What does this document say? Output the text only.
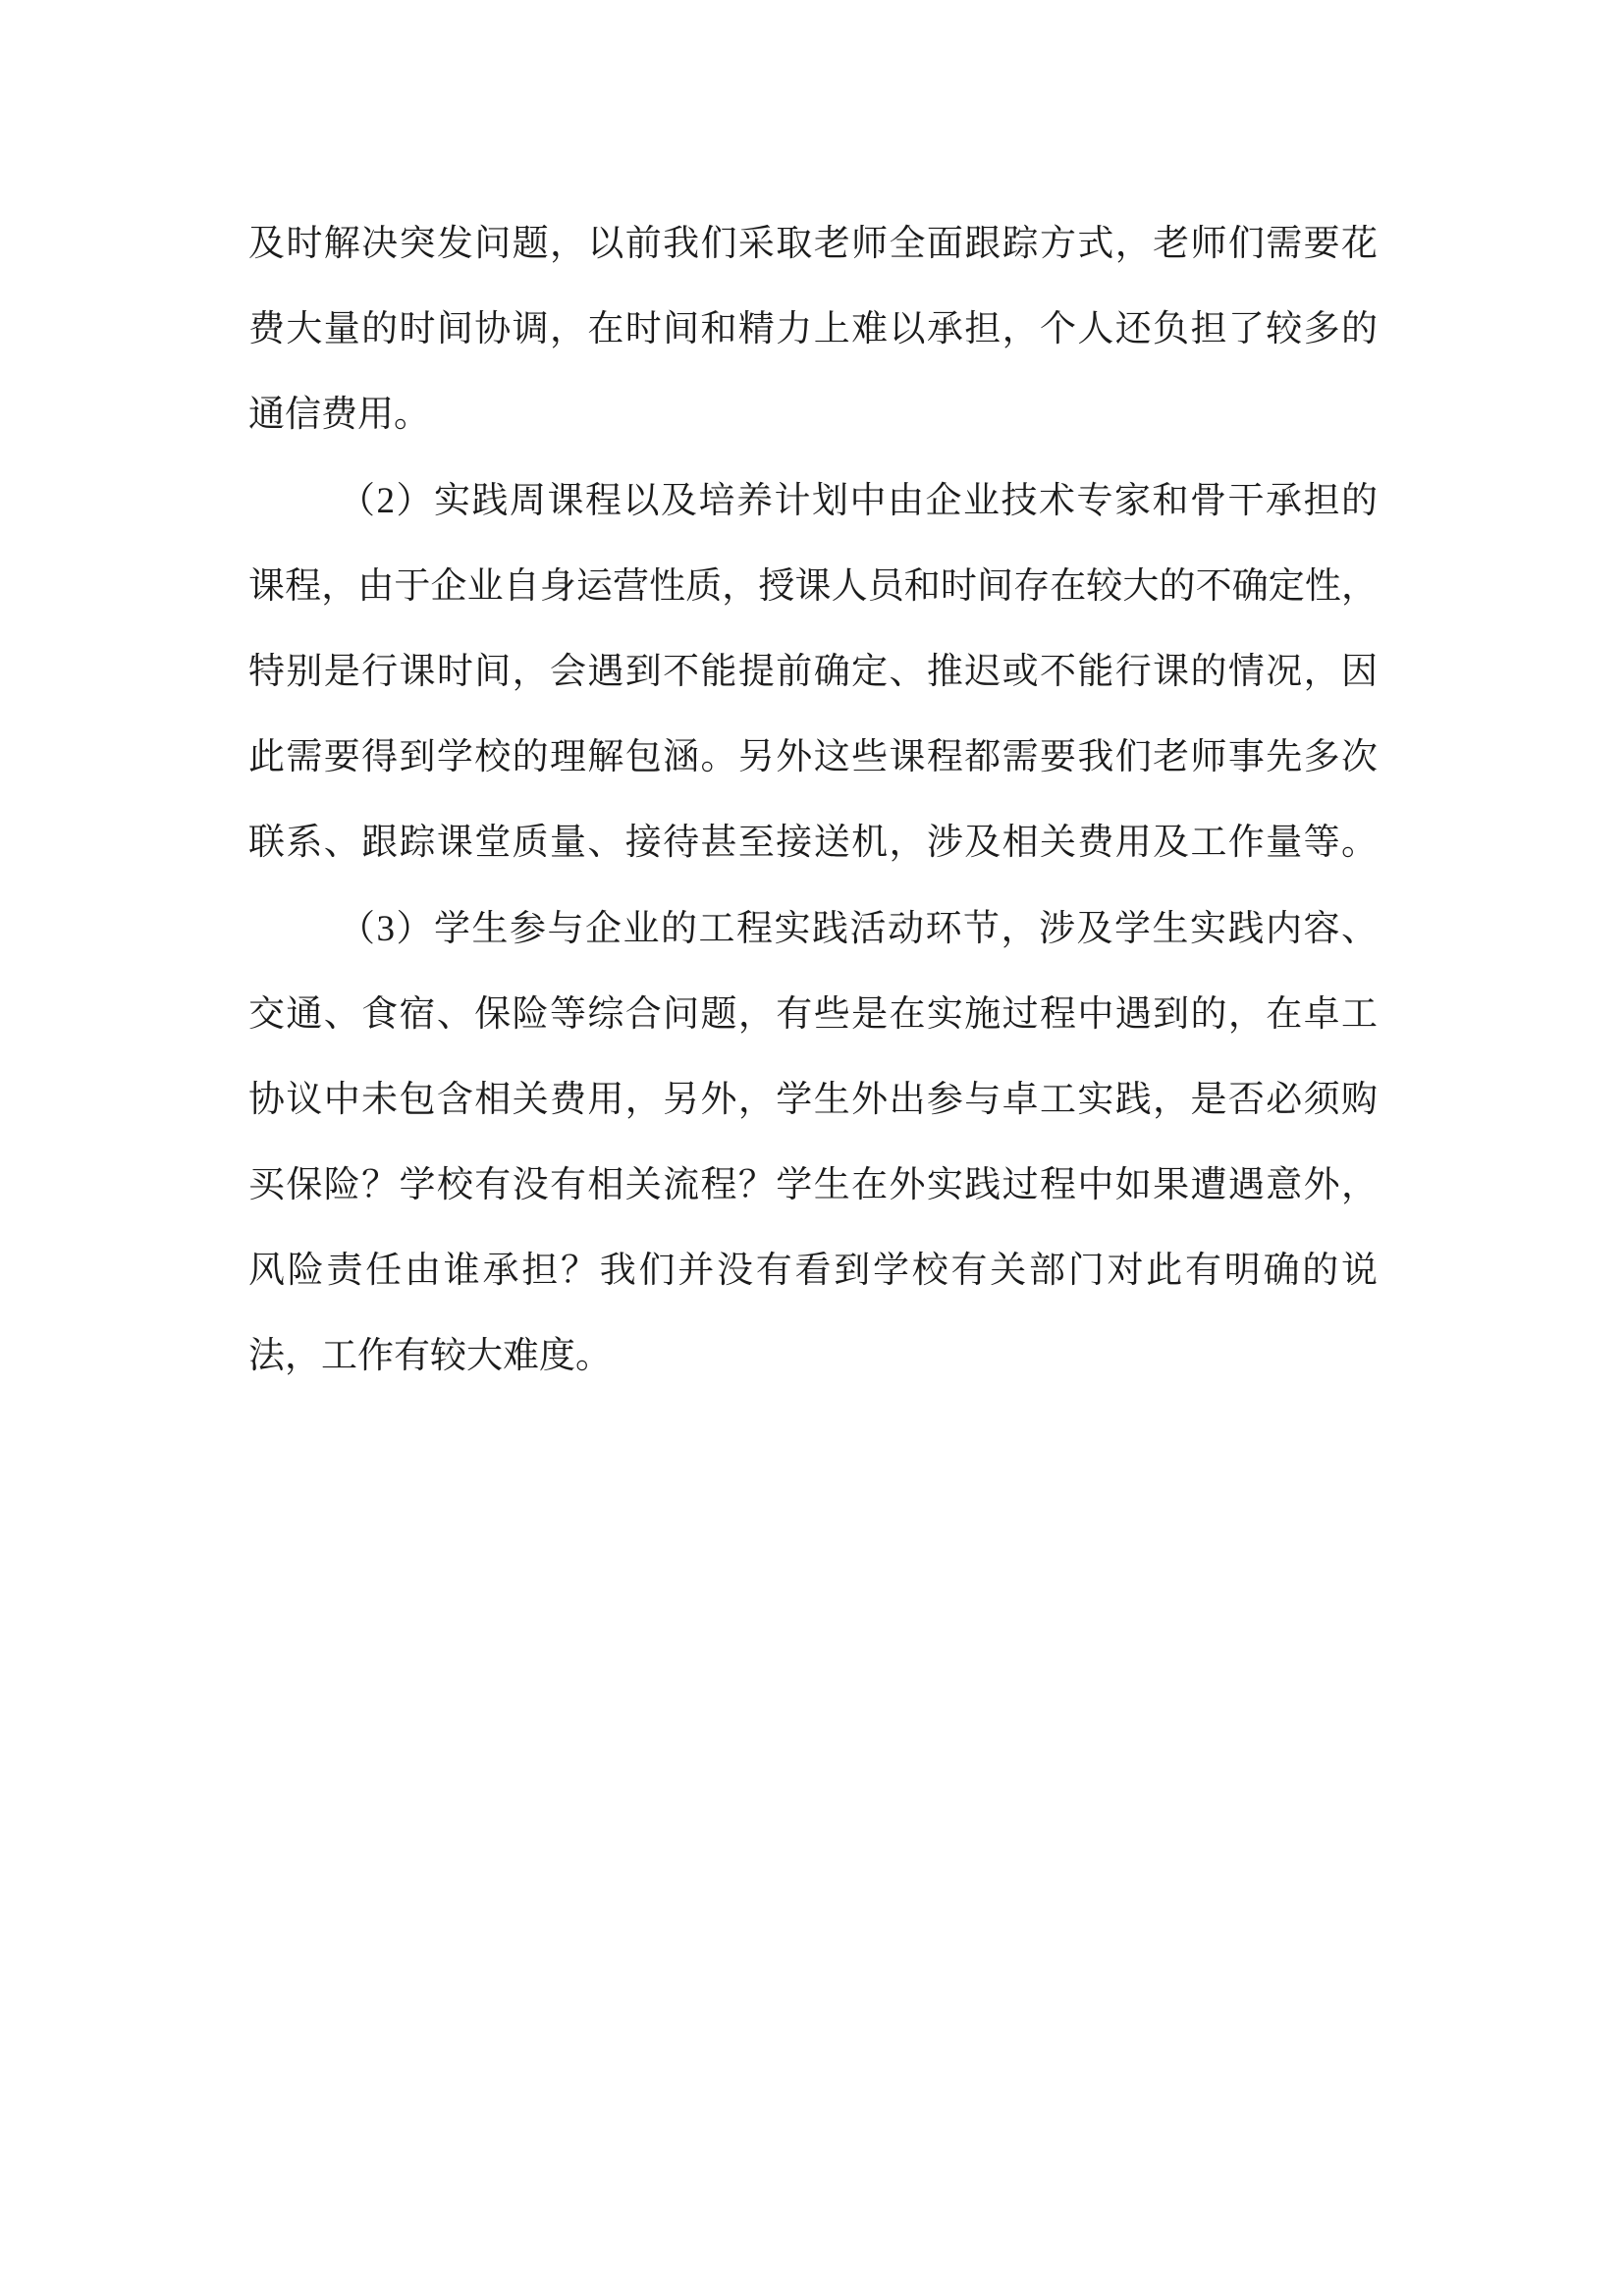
及时解决突发问题，以前我们采取老师全面跟踪方式，老师们需要花
费大量的时间协调，在时间和精力上难以承担，个人还负担了较多的
通信费用。
（2）实践周课程以及培养计划中由企业技术专家和骨干承担的
课程，由于企业自身运营性质，授课人员和时间存在较大的不确定性，
特别是行课时间，会遇到不能提前确定、推迟或不能行课的情况，因
此需要得到学校的理解包涵。另外这些课程都需要我们老师事先多次
联系、跟踪课堂质量、接待甚至接送机，涉及相关费用及工作量等。
（3）学生参与企业的工程实践活动环节，涉及学生实践内容、
交通、食宿、保险等综合问题，有些是在实施过程中遇到的，在卓工
协议中未包含相关费用，另外，学生外出参与卓工实践，是否必须购
买保险？学校有没有相关流程？学生在外实践过程中如果遭遇意外，
风险责任由谁承担？我们并没有看到学校有关部门对此有明确的说
法，工作有较大难度。
